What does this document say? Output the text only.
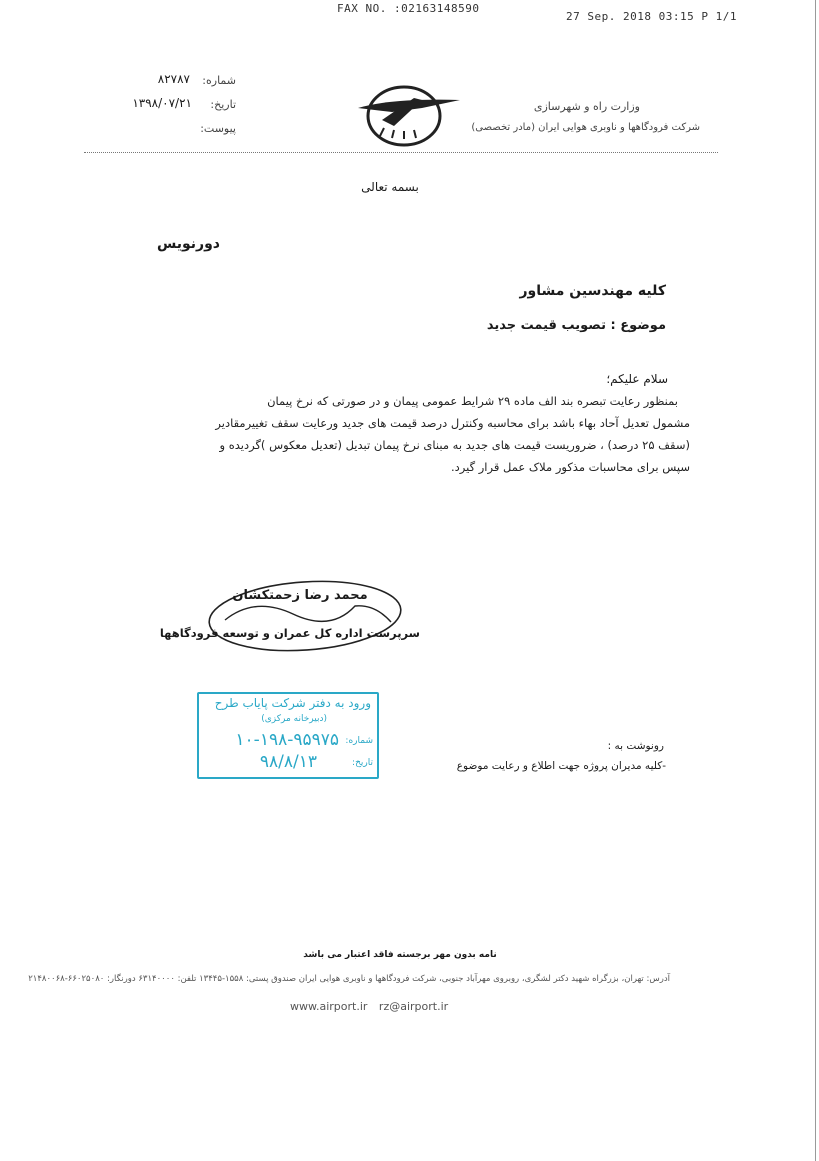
FAX NO. :02163148590
27 Sep. 2018 03:15 P 1/1
شماره:
۸۲۷۸۷
تاریخ:
۱۳۹۸/۰۷/۲۱
پیوست:
وزارت راه و شهرسازی
شرکت فرودگاهها و ناوبری هوایی ایران (مادر تخصصی)
بسمه تعالی
دورنویس
کلیه مهندسین مشاور
موضوع : تصویب قیمت جدید
سلام علیکم؛
بمنظور رعایت تبصره بند الف ماده ۲۹ شرایط عمومی پیمان و در صورتی که نرخ پیمان
مشمول تعدیل آحاد بهاء باشد برای محاسبه وکنترل درصد قیمت های جدید ورعایت سقف تغییرمقادیر
(سقف ۲۵ درصد) ، ضروریست قیمت های جدید به مبنای نرخ پیمان تبدیل (تعدیل معکوس )گردیده و
سپس برای محاسبات مذکور ملاک عمل قرار گیرد.
محمد رضا زحمتکشان
سرپرست اداره کل عمران و توسعه فرودگاهها
ورود به دفتر شرکت پایاب طرح
(دبیرخانه مرکزی)
شماره:
۱۰-۱۹۸-۹۵۹۷۵
تاریخ:
۹۸/۸/۱۳
رونوشت به :
-کلیه مدیران پروژه جهت اطلاع و رعایت موضوع
نامه بدون مهر برجسته فاقد اعتبار می باشد
آدرس: تهران، بزرگراه شهید دکتر لشگری، روبروی مهرآباد جنوبی، شرکت فرودگاهها و ناوبری هوایی ایران صندوق پستی: ۱۵۵۸-۱۳۴۴۵ تلفن: ۶۳۱۴۰۰۰۰ دورنگار: ۶۶۰۲۵۰۸۰-۲۱۴۸۰۰۶۸
www.airport.ir rz@airport.ir
